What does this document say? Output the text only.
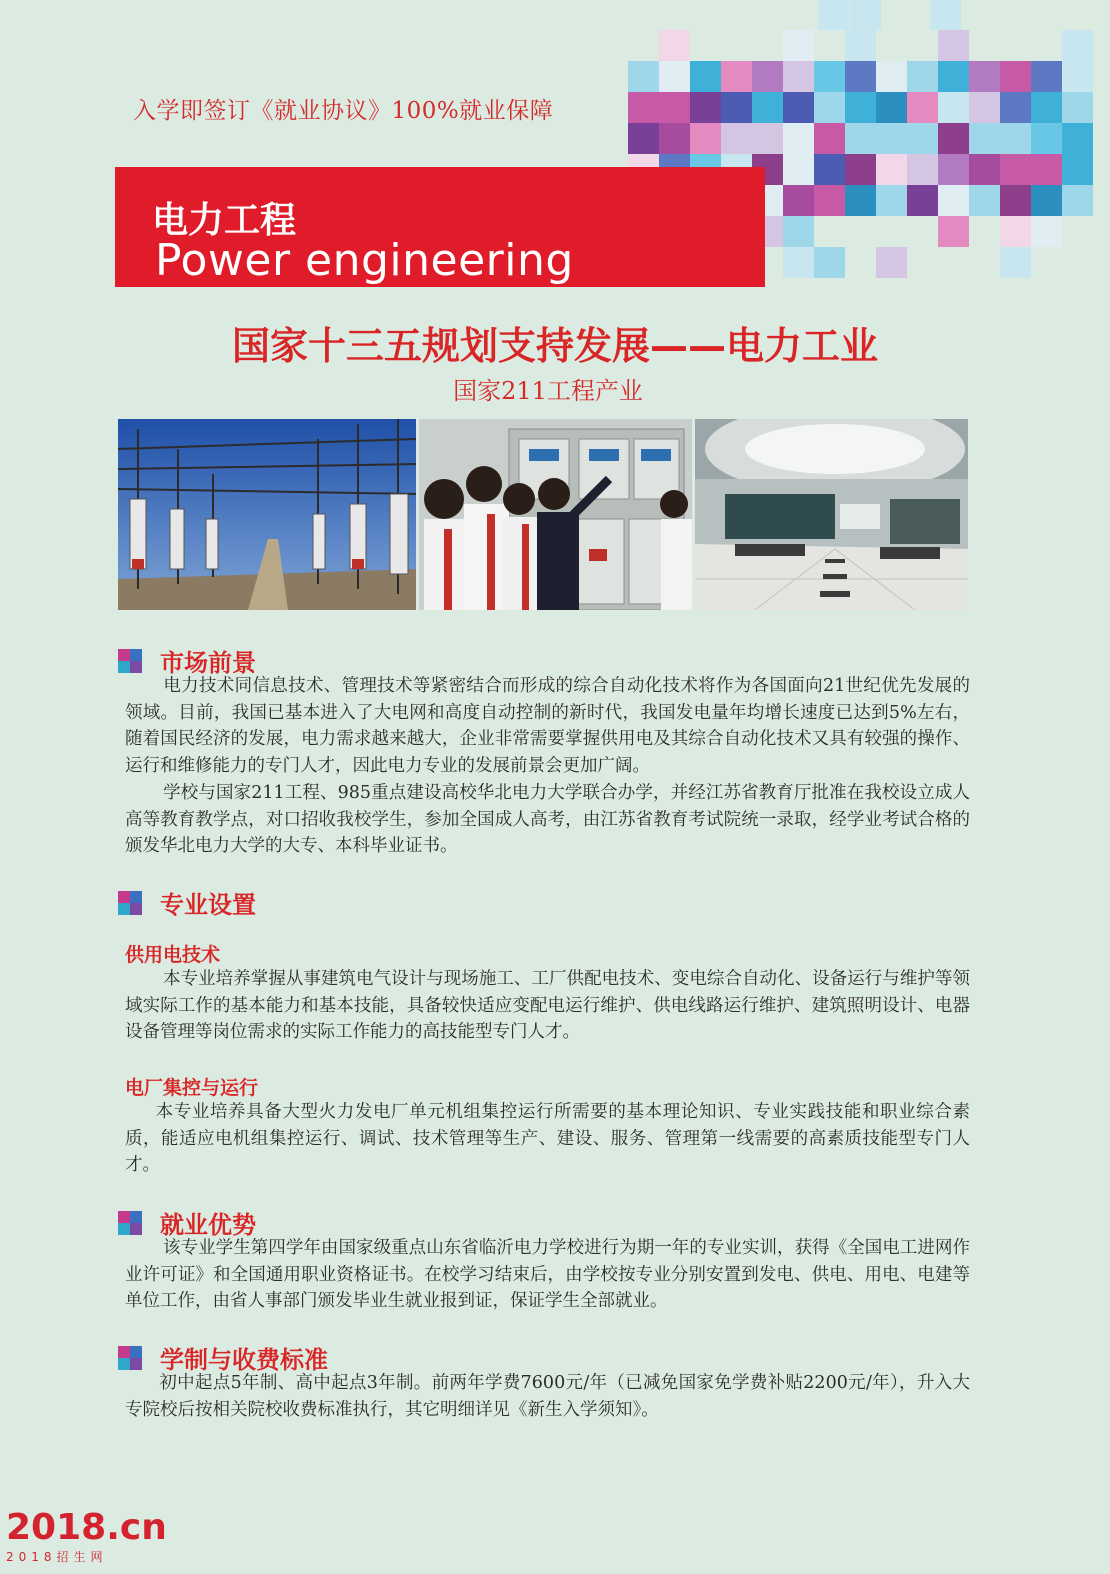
入学即签订《就业协议》100%就业保障
电力工程
Power engineering
国家十三五规划支持发展——电力工业
国家211工程产业
市场前景

电力技术同信息技术、管理技术等紧密结合而形成的综合自动化技术将作为各国面向21世纪优先发展的领域。目前，我国已基本进入了大电网和高度自动控制的新时代，我国发电量年均增长速度已达到5%左右，随着国民经济的发展，电力需求越来越大，企业非常需要掌握供用电及其综合自动化技术又具有较强的操作、运行和维修能力的专门人才，因此电力专业的发展前景会更加广阔。

学校与国家211工程、985重点建设高校华北电力大学联合办学，并经江苏省教育厅批准在我校设立成人高等教育教学点，对口招收我校学生，参加全国成人高考，由江苏省教育考试院统一录取，经学业考试合格的颁发华北电力大学的大专、本科毕业证书。

专业设置
供用电技术

本专业培养掌握从事建筑电气设计与现场施工、工厂供配电技术、变电综合自动化、设备运行与维护等领域实际工作的基本能力和基本技能，具备较快适应变配电运行维护、供电线路运行维护、建筑照明设计、电器设备管理等岗位需求的实际工作能力的高技能型专门人才。

电厂集控与运行

本专业培养具备大型火力发电厂单元机组集控运行所需要的基本理论知识、专业实践技能和职业综合素质，能适应电机组集控运行、调试、技术管理等生产、建设、服务、管理第一线需要的高素质技能型专门人才。

就业优势

该专业学生第四学年由国家级重点山东省临沂电力学校进行为期一年的专业实训，获得《全国电工进网作业许可证》和全国通用职业资格证书。在校学习结束后，由学校按专业分别安置到发电、供电、用电、电建等单位工作，由省人事部门颁发毕业生就业报到证，保证学生全部就业。

学制与收费标准

初中起点5年制、高中起点3年制。前两年学费7600元/年（已减免国家免学费补贴2200元/年），升入大专院校后按相关院校收费标准执行，其它明细详见《新生入学须知》。

2018.cn
2018招生网
